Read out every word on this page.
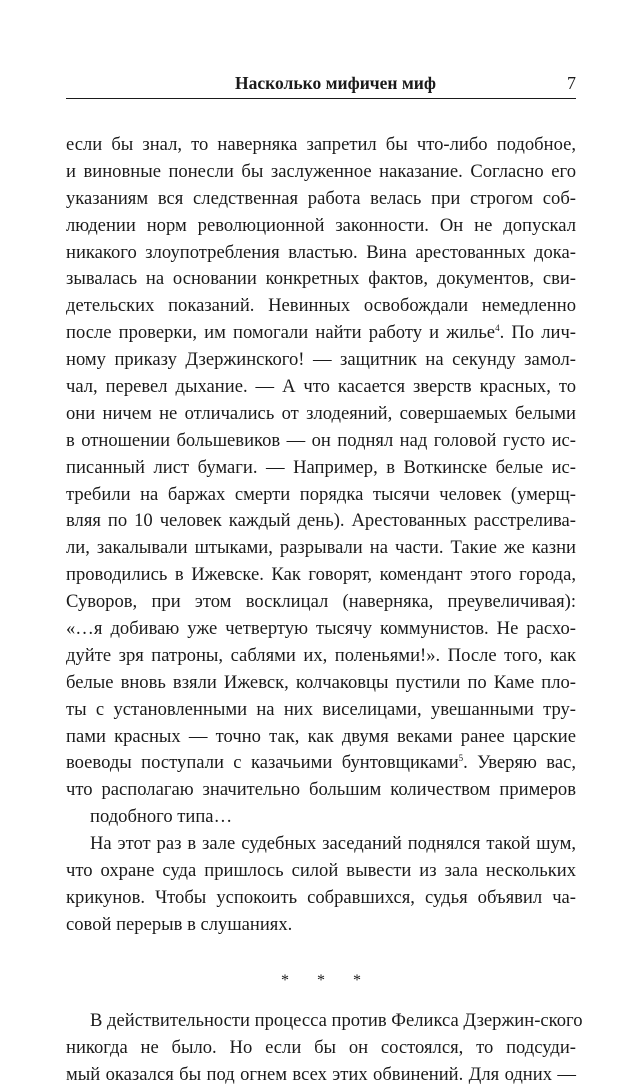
Насколько мифичен миф	7
если бы знал, то наверняка запретил бы что-либо подобное,
и виновные понесли бы заслуженное наказание. Согласно его
указаниям вся следственная работа велась при строгом соб-
людении норм революционной законности. Он не допускал
никакого злоупотребления властью. Вина арестованных дока-
зывалась на основании конкретных фактов, документов, сви-
детельских показаний. Невинных освобождали немедленно
после проверки, им помогали найти работу и жилье$^4$. По лич-
ному приказу Дзержинского! — защитник на секунду замол-
чал, перевел дыхание. — А что касается зверств красных, то
они ничем не отличались от злодеяний, совершаемых белыми
в отношении большевиков — он поднял над головой густо ис-
писанный лист бумаги. — Например, в Воткинске белые ис-
требили на баржах смерти порядка тысячи человек (умерщ-
вляя по 10 человек каждый день). Арестованных расстрелива-
ли, закалывали штыками, разрывали на части. Такие же казни
проводились в Ижевске. Как говорят, комендант этого города,
Суворов, при этом восклицал (наверняка, преувеличивая):
«…я добиваю уже четвертую тысячу коммунистов. Не расхо-
дуйте зря патроны, саблями их, поленьями!». После того, как
белые вновь взяли Ижевск, колчаковцы пустили по Каме пло-
ты с установленными на них виселицами, увешанными тру-
пами красных — точно так, как двумя веками ранее царские
воеводы поступали с казачьими бунтовщиками$^5$. Уверяю вас,
что располагаю значительно большим количеством примеров
подобного типа…
На этот раз в зале судебных заседаний поднялся такой шум,
что охране суда пришлось силой вывести из зала нескольких
крикунов. Чтобы успокоить собравшихся, судья объявил ча-
совой перерыв в слушаниях.
* * *
В действительности процесса против Феликса Дзержин-ского
никогда не было. Но если бы он состоялся, то подсуди-
мый оказался бы под огнем всех этих обвинений. Для одних —
